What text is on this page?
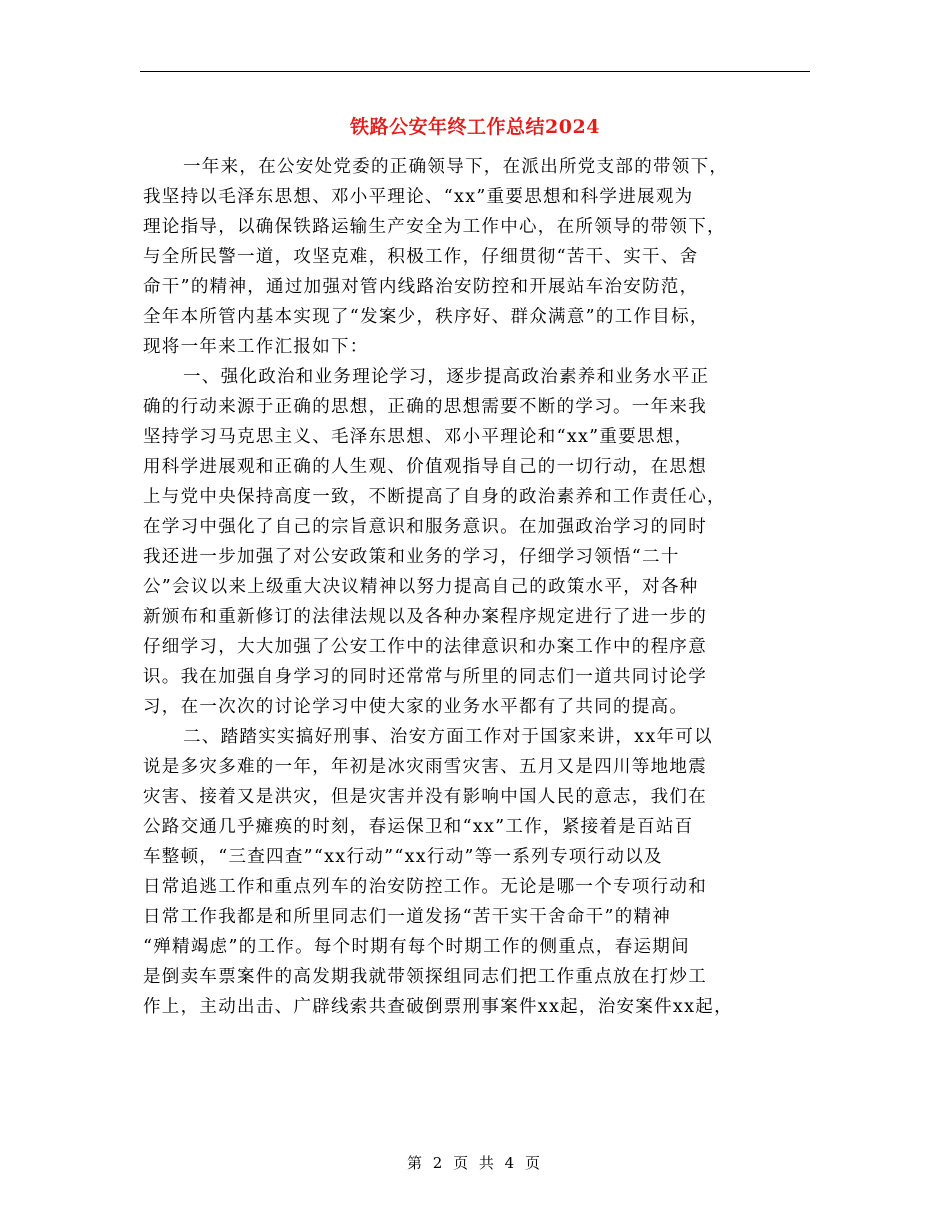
铁路公安年终工作总结2024
一年来，在公安处党委的正确领导下，在派出所党支部的带领下，
我坚持以毛泽东思想、邓小平理论、“xx”重要思想和科学进展观为
理论指导，以确保铁路运输生产安全为工作中心，在所领导的带领下，
与全所民警一道，攻坚克难，积极工作，仔细贯彻“苦干、实干、舍
命干”的精神，通过加强对管内线路治安防控和开展站车治安防范，
全年本所管内基本实现了“发案少，秩序好、群众满意”的工作目标，
现将一年来工作汇报如下：
一、强化政治和业务理论学习，逐步提高政治素养和业务水平正
确的行动来源于正确的思想，正确的思想需要不断的学习。一年来我
坚持学习马克思主义、毛泽东思想、邓小平理论和“xx”重要思想，
用科学进展观和正确的人生观、价值观指导自己的一切行动，在思想
上与党中央保持高度一致，不断提高了自身的政治素养和工作责任心，
在学习中强化了自己的宗旨意识和服务意识。在加强政治学习的同时
我还进一步加强了对公安政策和业务的学习，仔细学习领悟“二十
公”会议以来上级重大决议精神以努力提高自己的政策水平，对各种
新颁布和重新修订的法律法规以及各种办案程序规定进行了进一步的
仔细学习，大大加强了公安工作中的法律意识和办案工作中的程序意
识。我在加强自身学习的同时还常常与所里的同志们一道共同讨论学
习，在一次次的讨论学习中使大家的业务水平都有了共同的提高。
二、踏踏实实搞好刑事、治安方面工作对于国家来讲，xx年可以
说是多灾多难的一年，年初是冰灾雨雪灾害、五月又是四川等地地震
灾害、接着又是洪灾，但是灾害并没有影响中国人民的意志，我们在
公路交通几乎瘫痪的时刻，春运保卫和“xx”工作，紧接着是百站百
车整顿，“三查四查”“xx行动”“xx行动”等一系列专项行动以及
日常追逃工作和重点列车的治安防控工作。无论是哪一个专项行动和
日常工作我都是和所里同志们一道发扬“苦干实干舍命干”的精神
“殚精竭虑”的工作。每个时期有每个时期工作的侧重点，春运期间
是倒卖车票案件的高发期我就带领探组同志们把工作重点放在打炒工
作上，主动出击、广辟线索共查破倒票刑事案件xx起，治安案件xx起，
第 2 页 共 4 页
